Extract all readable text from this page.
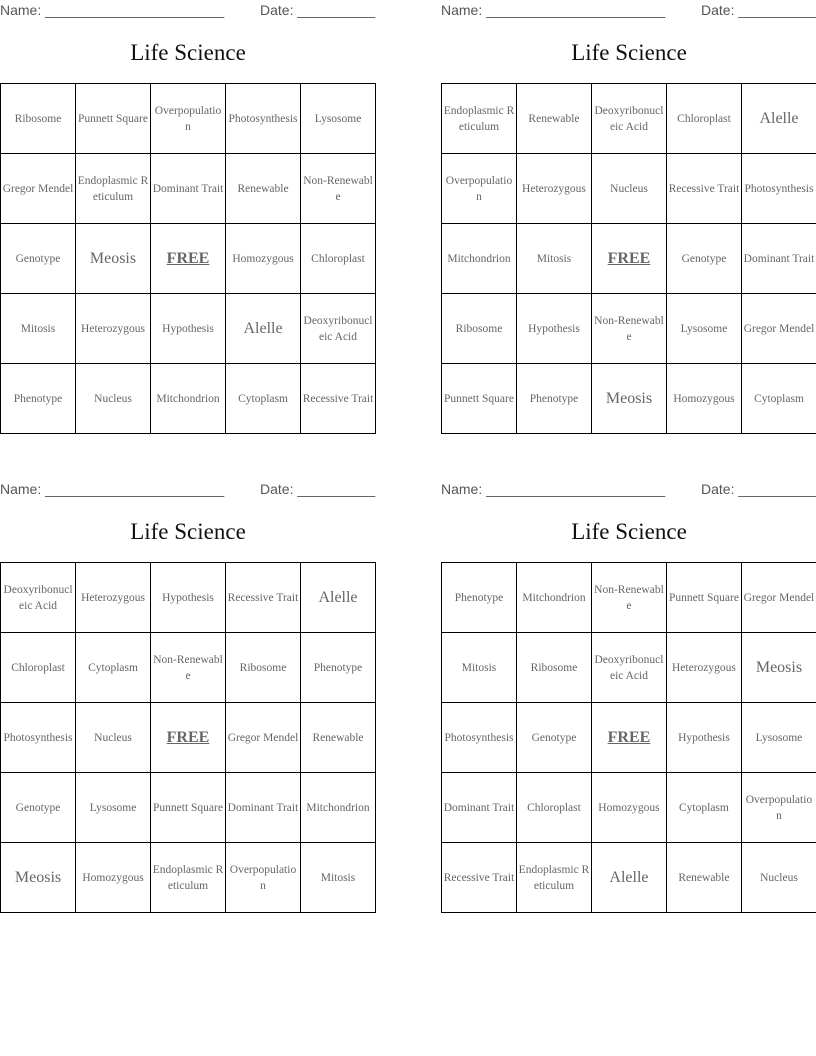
Name: _______________________	Date: __________
Life Science
Ribosome	Punnett Square	Overpopulation	Photosynthesis	Lysosome
Gregor Mendel	Endoplasmic Reticulum	Dominant Trait	Renewable	Non-Renewable
Genotype	Meosis	FREE	Homozygous	Chloroplast
Mitosis	Heterozygous	Hypothesis	Alelle	Deoxyribonucleic Acid
Phenotype	Nucleus	Mitchondrion	Cytoplasm	Recessive Trait
Name: _______________________	Date: __________
Life Science
Endoplasmic Reticulum	Renewable	Deoxyribonucleic Acid	Chloroplast	Alelle
Overpopulation	Heterozygous	Nucleus	Recessive Trait	Photosynthesis
Mitchondrion	Mitosis	FREE	Genotype	Dominant Trait
Ribosome	Hypothesis	Non-Renewable	Lysosome	Gregor Mendel
Punnett Square	Phenotype	Meosis	Homozygous	Cytoplasm
Name: _______________________	Date: __________
Life Science
Deoxyribonucleic Acid	Heterozygous	Hypothesis	Recessive Trait	Alelle
Chloroplast	Cytoplasm	Non-Renewable	Ribosome	Phenotype
Photosynthesis	Nucleus	FREE	Gregor Mendel	Renewable
Genotype	Lysosome	Punnett Square	Dominant Trait	Mitchondrion
Meosis	Homozygous	Endoplasmic Reticulum	Overpopulation	Mitosis
Name: _______________________	Date: __________
Life Science
Phenotype	Mitchondrion	Non-Renewable	Punnett Square	Gregor Mendel
Mitosis	Ribosome	Deoxyribonucleic Acid	Heterozygous	Meosis
Photosynthesis	Genotype	FREE	Hypothesis	Lysosome
Dominant Trait	Chloroplast	Homozygous	Cytoplasm	Overpopulation
Recessive Trait	Endoplasmic Reticulum	Alelle	Renewable	Nucleus
